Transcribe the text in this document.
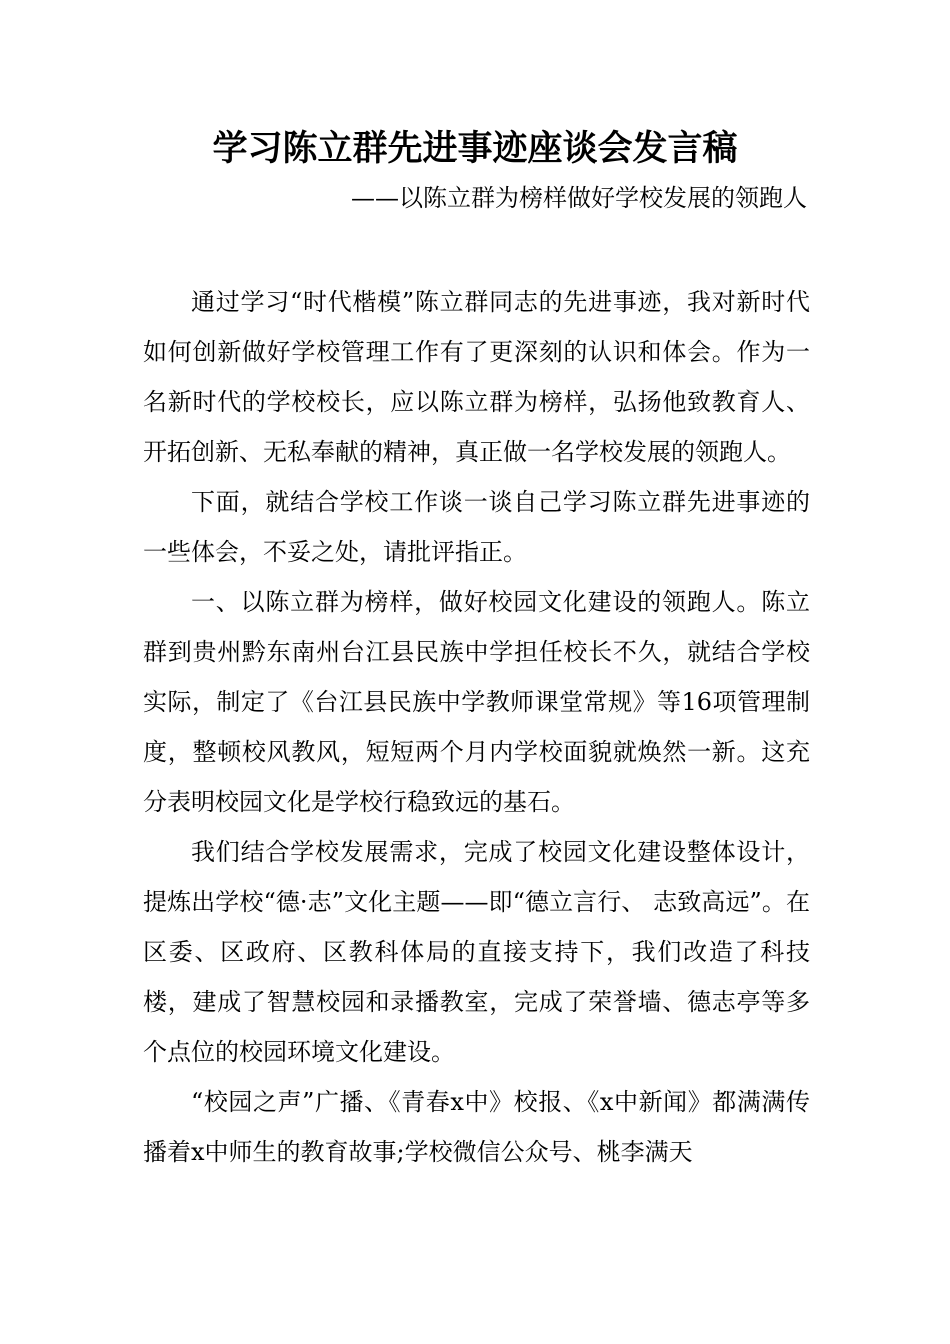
学习陈立群先进事迹座谈会发言稿
——以陈立群为榜样做好学校发展的领跑人

通过学习“时代楷模”陈立群同志的先进事迹，我对新时代如何创新做好学校管理工作有了更深刻的认识和体会。作为一名新时代的学校校长，应以陈立群为榜样，弘扬他致教育人、开拓创新、无私奉献的精神，真正做一名学校发展的领跑人。

下面，就结合学校工作谈一谈自己学习陈立群先进事迹的一些体会，不妥之处，请批评指正。

一、以陈立群为榜样，做好校园文化建设的领跑人。陈立群到贵州黔东南州台江县民族中学担任校长不久，就结合学校实际，制定了《台江县民族中学教师课堂常规》等16项管理制度，整顿校风教风，短短两个月内学校面貌就焕然一新。这充分表明校园文化是学校行稳致远的基石。

我们结合学校发展需求，完成了校园文化建设整体设计，提炼出学校“德·志”文化主题——即“德立言行、 志致高远”。在区委、区政府、区教科体局的直接支持下，我们改造了科技楼，建成了智慧校园和录播教室，完成了荣誉墙、德志亭等多个点位的校园环境文化建设。

“校园之声”广播、《青春x中》校报、《x中新闻》都满满传播着x中师生的教育故事;学校微信公众号、桃李满天
